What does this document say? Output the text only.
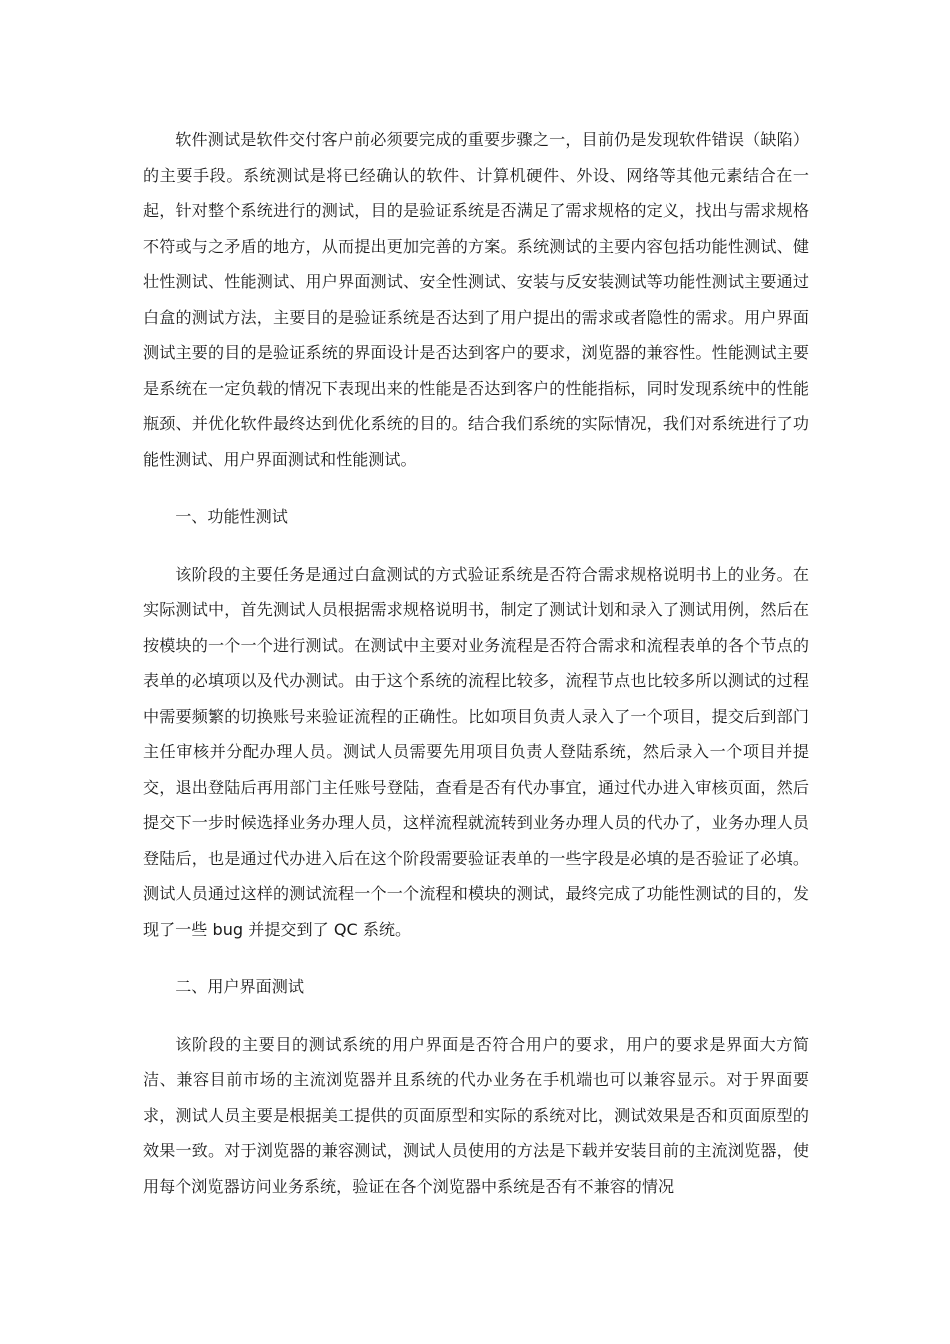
软件测试是软件交付客户前必须要完成的重要步骤之一，目前仍是发现软件错误（缺陷）的主要手段。系统测试是将已经确认的软件、计算机硬件、外设、网络等其他元素结合在一起，针对整个系统进行的测试，目的是验证系统是否满足了需求规格的定义，找出与需求规格不符或与之矛盾的地方，从而提出更加完善的方案。系统测试的主要内容包括功能性测试、健壮性测试、性能测试、用户界面测试、安全性测试、安装与反安装测试等功能性测试主要通过白盒的测试方法，主要目的是验证系统是否达到了用户提出的需求或者隐性的需求。用户界面测试主要的目的是验证系统的界面设计是否达到客户的要求，浏览器的兼容性。性能测试主要是系统在一定负载的情况下表现出来的性能是否达到客户的性能指标，同时发现系统中的性能瓶颈、并优化软件最终达到优化系统的目的。结合我们系统的实际情况，我们对系统进行了功能性测试、用户界面测试和性能测试。

一、功能性测试

该阶段的主要任务是通过白盒测试的方式验证系统是否符合需求规格说明书上的业务。在实际测试中，首先测试人员根据需求规格说明书，制定了测试计划和录入了测试用例，然后在按模块的一个一个进行测试。在测试中主要对业务流程是否符合需求和流程表单的各个节点的表单的必填项以及代办测试。由于这个系统的流程比较多，流程节点也比较多所以测试的过程中需要频繁的切换账号来验证流程的正确性。比如项目负责人录入了一个项目，提交后到部门主任审核并分配办理人员。测试人员需要先用项目负责人登陆系统，然后录入一个项目并提交，退出登陆后再用部门主任账号登陆，查看是否有代办事宜，通过代办进入审核页面，然后提交下一步时候选择业务办理人员，这样流程就流转到业务办理人员的代办了，业务办理人员登陆后，也是通过代办进入后在这个阶段需要验证表单的一些字段是必填的是否验证了必填。测试人员通过这样的测试流程一个一个流程和模块的测试，最终完成了功能性测试的目的，发现了一些 bug 并提交到了 QC 系统。

二、用户界面测试

该阶段的主要目的测试系统的用户界面是否符合用户的要求，用户的要求是界面大方简洁、兼容目前市场的主流浏览器并且系统的代办业务在手机端也可以兼容显示。对于界面要求，测试人员主要是根据美工提供的页面原型和实际的系统对比，测试效果是否和页面原型的效果一致。对于浏览器的兼容测试，测试人员使用的方法是下载并安装目前的主流浏览器，使用每个浏览器访问业务系统，验证在各个浏览器中系统是否有不兼容的情况
